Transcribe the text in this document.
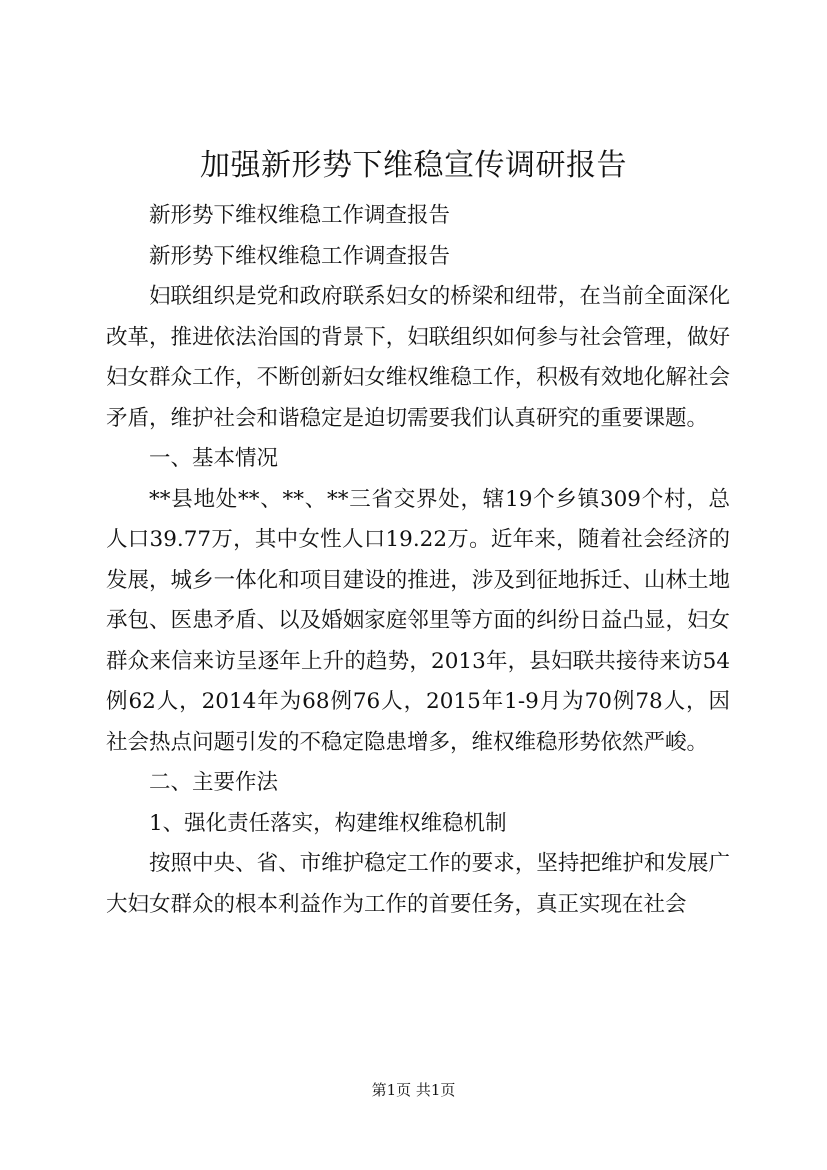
加强新形势下维稳宣传调研报告

新形势下维权维稳工作调查报告

新形势下维权维稳工作调查报告

妇联组织是党和政府联系妇女的桥梁和纽带，在当前全面深化改革，推进依法治国的背景下，妇联组织如何参与社会管理，做好妇女群众工作，不断创新妇女维权维稳工作，积极有效地化解社会矛盾，维护社会和谐稳定是迫切需要我们认真研究的重要课题。

一、基本情况

**县地处**、**、**三省交界处，辖19个乡镇309个村，总人口39.77万，其中女性人口19.22万。近年来，随着社会经济的发展，城乡一体化和项目建设的推进，涉及到征地拆迁、山林土地承包、医患矛盾、以及婚姻家庭邻里等方面的纠纷日益凸显，妇女群众来信来访呈逐年上升的趋势，2013年，县妇联共接待来访54例62人，2014年为68例76人，2015年1-9月为70例78人，因社会热点问题引发的不稳定隐患增多，维权维稳形势依然严峻。

二、主要作法

1、强化责任落实，构建维权维稳机制

按照中央、省、市维护稳定工作的要求，坚持把维护和发展广大妇女群众的根本利益作为工作的首要任务，真正实现在社会

第1页 共1页
